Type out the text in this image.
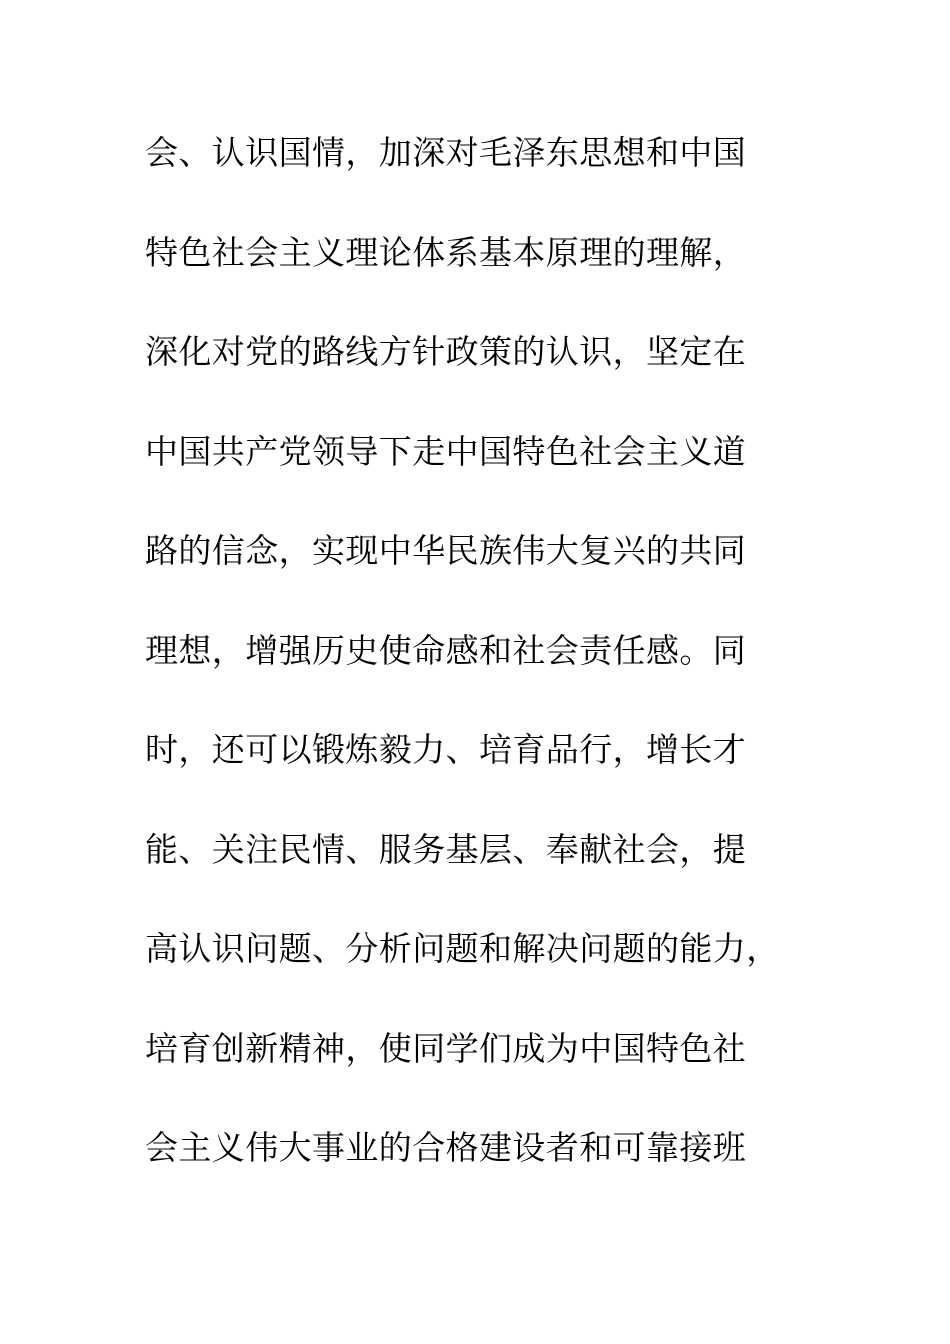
会、认识国情，加深对毛泽东思想和中国
特色社会主义理论体系基本原理的理解，
深化对党的路线方针政策的认识，坚定在
中国共产党领导下走中国特色社会主义道
路的信念，实现中华民族伟大复兴的共同
理想，增强历史使命感和社会责任感。同
时，还可以锻炼毅力、培育品行，增长才
能、关注民情、服务基层、奉献社会，提
高认识问题、分析问题和解决问题的能力，
培育创新精神，使同学们成为中国特色社
会主义伟大事业的合格建设者和可靠接班
